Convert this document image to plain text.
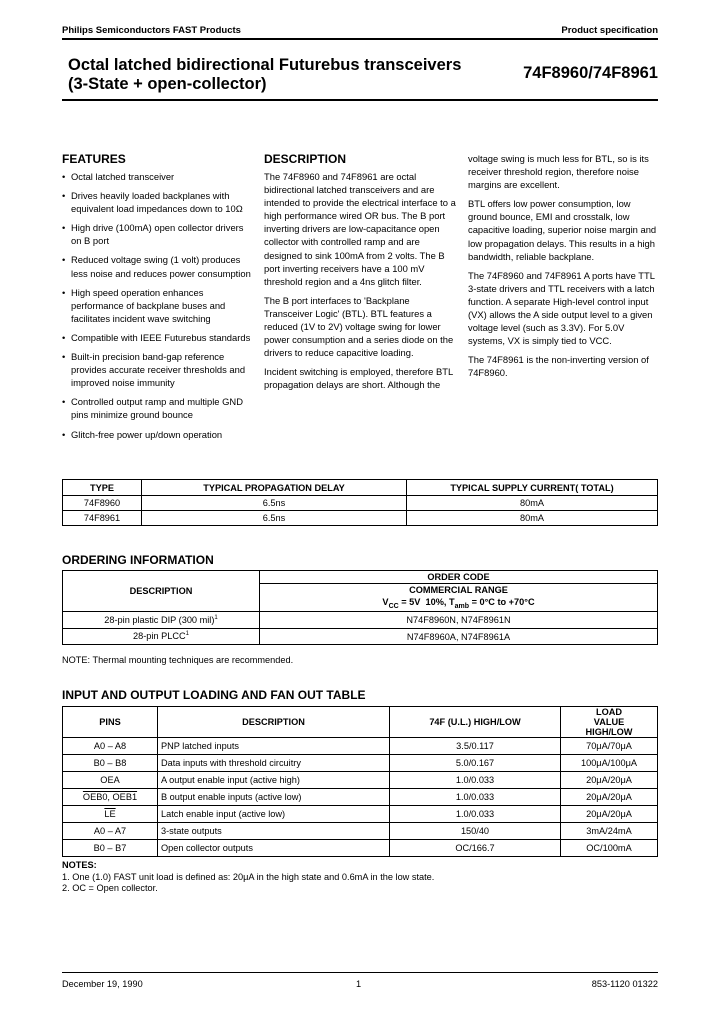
Philips Semiconductors FAST Products	Product specification
Octal latched bidirectional Futurebus transceivers
(3-State + open-collector)
74F8960/74F8961
FEATURES
• Octal latched transceiver
• Drives heavily loaded backplanes with equivalent load impedances down to 10Ω
• High drive (100mA) open collector drivers on B port
• Reduced voltage swing (1 volt) produces less noise and reduces power consumption
• High speed operation enhances performance of backplane buses and facilitates incident wave switching
• Compatible with IEEE Futurebus standards
• Built-in precision band-gap reference provides accurate receiver thresholds and improved noise immunity
• Controlled output ramp and multiple GND pins minimize ground bounce
• Glitch-free power up/down operation
DESCRIPTION

The 74F8960 and 74F8961 are octal bidirectional latched transceivers and are intended to provide the electrical interface to a high performance wired OR bus. The B port inverting drivers are low-capacitance open collector with controlled ramp and are designed to sink 100mA from 2 volts. The B port inverting receivers have a 100 mV threshold region and a 4ns glitch filter.

The B port interfaces to 'Backplane Transceiver Logic' (BTL). BTL features a reduced (1V to 2V) voltage swing for lower power consumption and a series diode on the drivers to reduce capacitive loading.

Incident switching is employed, therefore BTL propagation delays are short. Although the

voltage swing is much less for BTL, so is its receiver threshold region, therefore noise margins are excellent.

BTL offers low power consumption, low ground bounce, EMI and crosstalk, low capacitive loading, superior noise margin and low propagation delays. This results in a high bandwidth, reliable backplane.

The 74F8960 and 74F8961 A ports have TTL 3-state drivers and TTL receivers with a latch function. A separate High-level control input (VX) allows the A side output level to a given voltage level (such as 3.3V). For 5.0V systems, VX is simply tied to VCC.

The 74F8961 is the non-inverting version of 74F8960.

TYPE	TYPICAL PROPAGATION DELAY	TYPICAL SUPPLY CURRENT( TOTAL)
74F8960	6.5ns	80mA
74F8961	6.5ns	80mA
ORDERING INFORMATION
DESCRIPTION	ORDER CODE
	COMMERCIAL RANGE
	$V_{CC} = 5V$  10%, $T_{amb} = 0^\circ C$ to +70°C
28-pin plastic DIP (300 mil)$^1$	N74F8960N, N74F8961N
28-pin PLCC$^1$	N74F8960A, N74F8961A
NOTE: Thermal mounting techniques are recommended.
INPUT AND OUTPUT LOADING AND FAN OUT TABLE
PINS	DESCRIPTION	74F (U.L.) HIGH/LOW	LOAD VALUE HIGH/LOW
A0 – A8	PNP latched inputs	3.5/0.117	70μA/70μA
B0 – B8	Data inputs with threshold circuitry	5.0/0.167	100μA/100μA
OEA	A output enable input (active high)	1.0/0.033	20μA/20μA
OEB0, OEB1	B output enable inputs (active low)	1.0/0.033	20μA/20μA
$\overline{LE}$	Latch enable input (active low)	1.0/0.033	20μA/20μA
A0 – A7	3-state outputs	150/40	3mA/24mA
B0 – B7	Open collector outputs	OC/166.7	OC/100mA
NOTES:
1. One (1.0) FAST unit load is defined as: 20μA in the high state and 0.6mA in the low state.
2. OC = Open collector.
December 19, 1990	1	853-1120 01322
